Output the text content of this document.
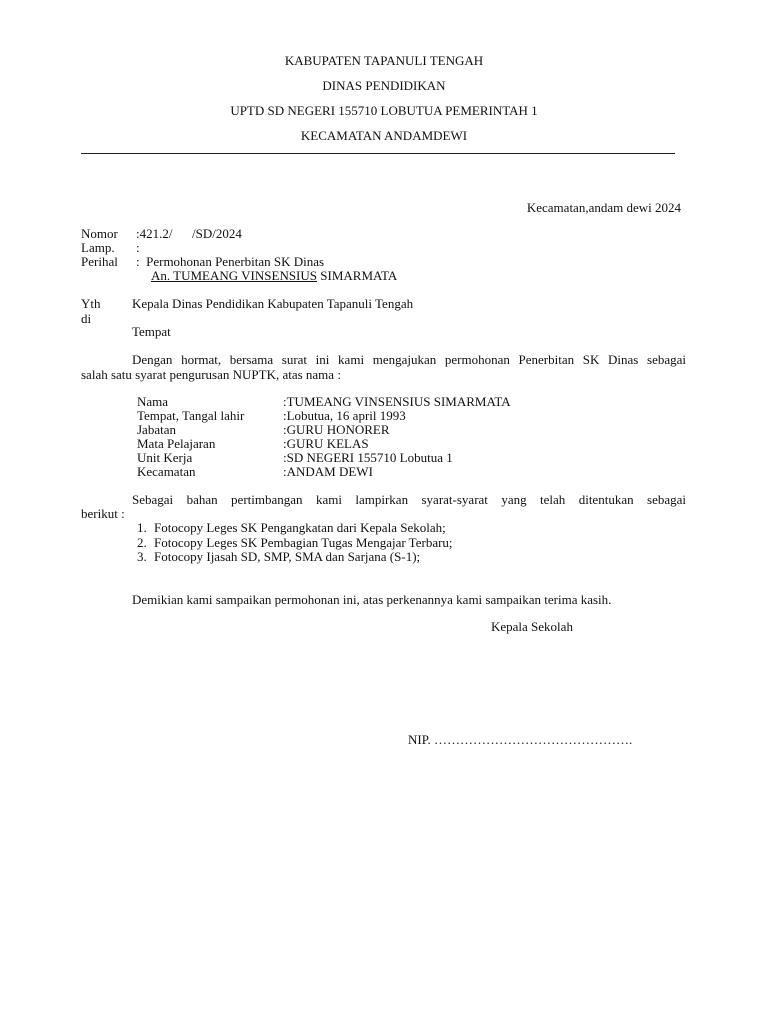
KABUPATEN TAPANULI TENGAH
DINAS PENDIDIKAN
UPTD SD NEGERI 155710 LOBUTUA PEMERINTAH 1
KECAMATAN ANDAMDEWI
Kecamatan,andam dewi 2024
Nomor :421.2/      /SD/2024
Lamp. :
Perihal :  Permohonan Penerbitan SK Dinas
An. TUMEANG VINSENSIUS SIMARMATA
Yth Kepala Dinas Pendidikan Kabupaten Tapanuli Tengah
di
Tempat
Dengan hormat, bersama surat ini kami mengajukan permohonan Penerbitan SK Dinas sebagai
salah satu syarat pengurusan NUPTK, atas nama :
Nama	:TUMEANG VINSENSIUS SIMARMATA
Tempat, Tangal lahir	:Lobutua, 16 april 1993
Jabatan	:GURU HONORER
Mata Pelajaran	:GURU KELAS
Unit Kerja	:SD NEGERI 155710 Lobutua 1
Kecamatan	:ANDAM DEWI
Sebagai bahan pertimbangan kami lampirkan syarat-syarat yang telah ditentukan sebagai
berikut :
1. Fotocopy Leges SK Pengangkatan dari Kepala Sekolah;
2. Fotocopy Leges SK Pembagian Tugas Mengajar Terbaru;
3. Fotocopy Ijasah SD, SMP, SMA dan Sarjana (S-1);
Demikian kami sampaikan permohonan ini, atas perkenannya kami sampaikan terima kasih.
Kepala Sekolah
NIP. ……………………………………….
